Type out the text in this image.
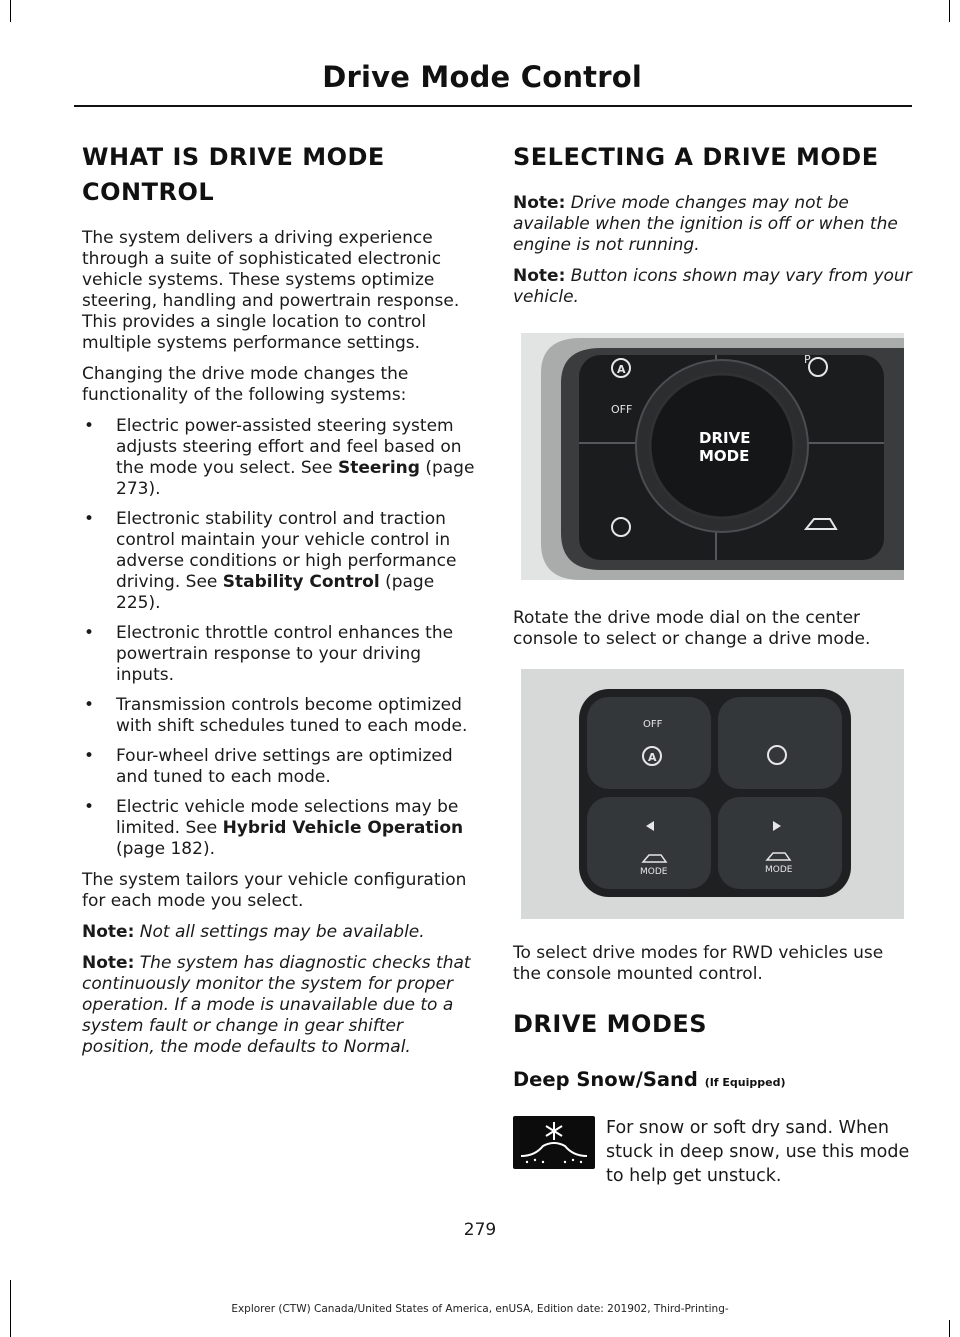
Drive Mode Control
WHAT IS DRIVE MODE CONTROL

The system delivers a driving experience through a suite of sophisticated electronic vehicle systems. These systems optimize steering, handling and powertrain response. This provides a single location to control multiple systems performance settings.

Changing the drive mode changes the functionality of the following systems:

• Electric power-assisted steering system adjusts steering effort and feel based on the mode you select. See Steering (page 273).
• Electronic stability control and traction control maintain your vehicle control in adverse conditions or high performance driving. See Stability Control (page 225).
• Electronic throttle control enhances the powertrain response to your driving inputs.
• Transmission controls become optimized with shift schedules tuned to each mode.
• Four-wheel drive settings are optimized and tuned to each mode.
• Electric vehicle mode selections may be limited. See Hybrid Vehicle Operation (page 182).

The system tailors your vehicle configuration for each mode you select.

Note: Not all settings may be available.

Note: The system has diagnostic checks that continuously monitor the system for proper operation. If a mode is unavailable due to a system fault or change in gear shifter position, the mode defaults to Normal.

SELECTING A DRIVE MODE

Note: Drive mode changes may not be available when the ignition is off or when the engine is not running.

Note: Button icons shown may vary from your vehicle.

A
DRIVE
MODE
OFF
P

Rotate the drive mode dial on the center console to select or change a drive mode.

A
OFF
MODE	MODE

To select drive modes for RWD vehicles use the console mounted control.

DRIVE MODES
Deep Snow/Sand (If Equipped)

For snow or soft dry sand. When stuck in deep snow, use this mode to help get unstuck.

279
Explorer (CTW) Canada/United States of America, enUSA, Edition date: 201902, Third-Printing-
